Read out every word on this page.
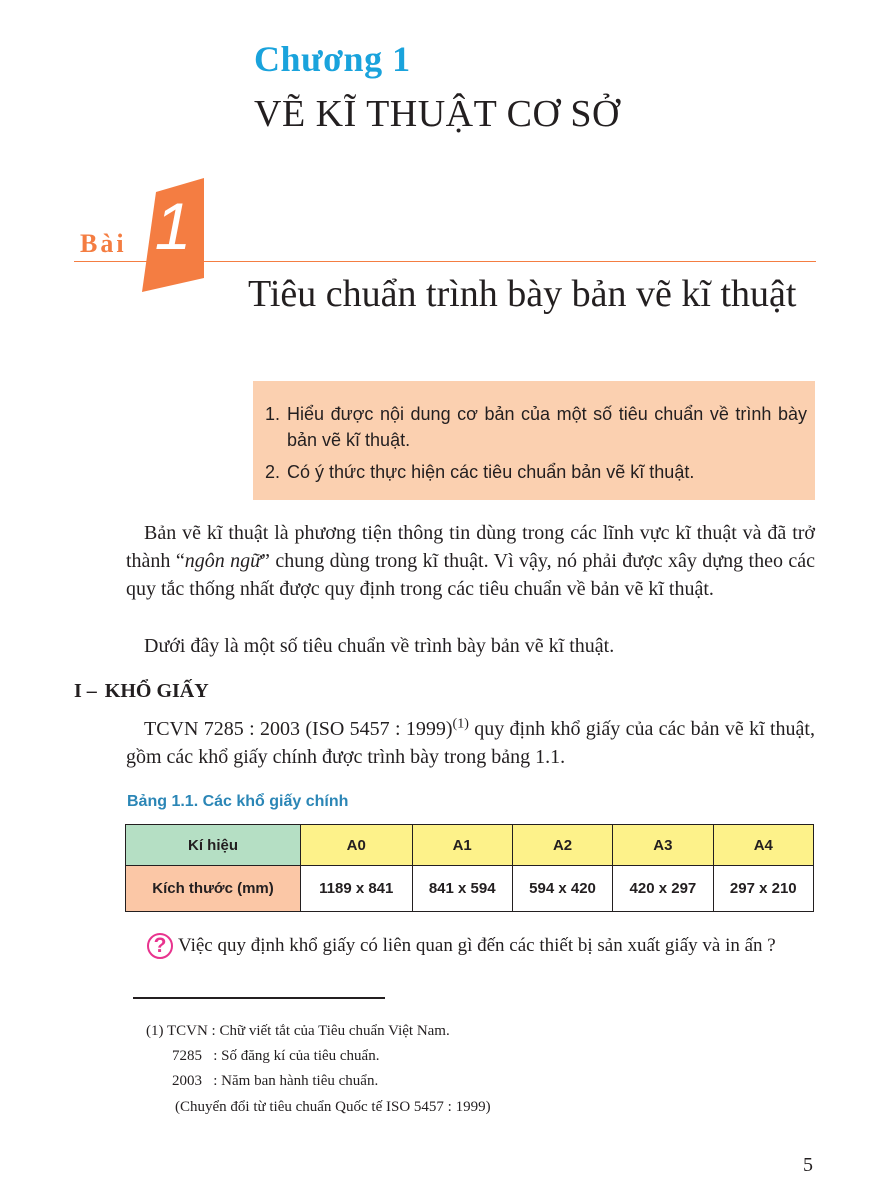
Chương 1
VẼ KĨ THUẬT CƠ SỞ
Bài 1
Tiêu chuẩn trình bày bản vẽ kĩ thuật
1. Hiểu được nội dung cơ bản của một số tiêu chuẩn về trình bày bản vẽ kĩ thuật.
2. Có ý thức thực hiện các tiêu chuẩn bản vẽ kĩ thuật.
Bản vẽ kĩ thuật là phương tiện thông tin dùng trong các lĩnh vực kĩ thuật và đã trở thành “ngôn ngữ” chung dùng trong kĩ thuật. Vì vậy, nó phải được xây dựng theo các quy tắc thống nhất được quy định trong các tiêu chuẩn về bản vẽ kĩ thuật.
Dưới đây là một số tiêu chuẩn về trình bày bản vẽ kĩ thuật.
I – KHỔ GIẤY
TCVN 7285 : 2003 (ISO 5457 : 1999)$^{(1)}$ quy định khổ giấy của các bản vẽ kĩ thuật, gồm các khổ giấy chính được trình bày trong bảng 1.1.
Bảng 1.1. Các khổ giấy chính
Kí hiệu	A0	A1	A2	A3	A4
Kích thước (mm)	1189 x 841	841 x 594	594 x 420	420 x 297	297 x 210
? Việc quy định khổ giấy có liên quan gì đến các thiết bị sản xuất giấy và in ấn ?
(1) TCVN : Chữ viết tắt của Tiêu chuẩn Việt Nam.
7285   : Số đăng kí của tiêu chuẩn.
2003   : Năm ban hành tiêu chuẩn.
(Chuyển đổi từ tiêu chuẩn Quốc tế ISO 5457 : 1999)
5
